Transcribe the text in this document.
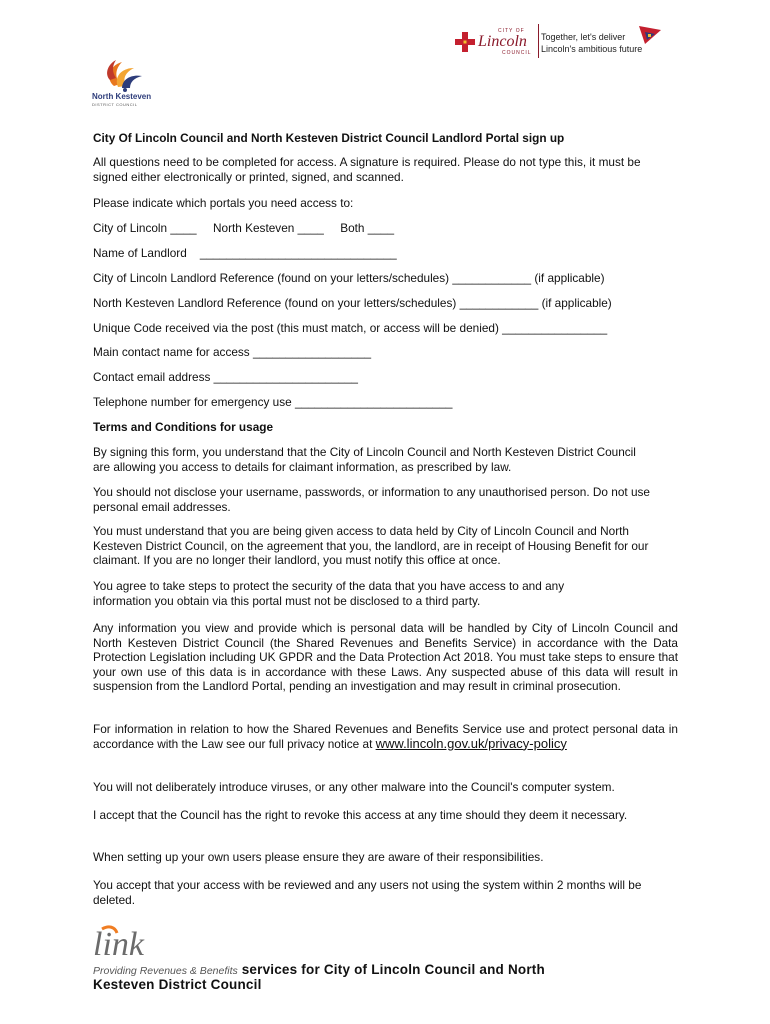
North Kesteven
DISTRICT COUNCIL
CITY OF
Lincoln
COUNCIL
Together, let's deliver
Lincoln's ambitious future

City Of Lincoln Council and North Kesteven District Council Landlord Portal sign up

All questions need to be completed for access. A signature is required. Please do not type this, it must be signed either electronically or printed, signed, and scanned.

Please indicate which portals you need access to:

City of Lincoln ____     North Kesteven ____     Both ____

Name of Landlord    ______________________________

City of Lincoln Landlord Reference (found on your letters/schedules) ____________ (if applicable)

North Kesteven Landlord Reference (found on your letters/schedules) ____________ (if applicable)

Unique Code received via the post (this must match, or access will be denied) ________________

Main contact name for access __________________

Contact email address ______________________

Telephone number for emergency use ________________________

Terms and Conditions for usage

By signing this form, you understand that the City of Lincoln Council and North Kesteven District Council are allowing you access to details for claimant information, as prescribed by law.

You should not disclose your username, passwords, or information to any unauthorised person. Do not use personal email addresses.

You must understand that you are being given access to data held by City of Lincoln Council and North Kesteven District Council, on the agreement that you, the landlord, are in receipt of Housing Benefit for our claimant. If you are no longer their landlord, you must notify this office at once.

You agree to take steps to protect the security of the data that you have access to and any information you obtain via this portal must not be disclosed to a third party.

Any information you view and provide which is personal data will be handled by City of Lincoln Council and North Kesteven District Council (the Shared Revenues and Benefits Service) in accordance with the Data Protection Legislation including UK GPDR and the Data Protection Act 2018. You must take steps to ensure that your own use of this data is in accordance with these Laws. Any suspected abuse of this data will result in suspension from the Landlord Portal, pending an investigation and may result in criminal prosecution.

For information in relation to how the Shared Revenues and Benefits Service use and protect personal data in accordance with the Law see our full privacy notice at www.lincoln.gov.uk/privacy-policy

You will not deliberately introduce viruses, or any other malware into the Council's computer system.

I accept that the Council has the right to revoke this access at any time should they deem it necessary.

When setting up your own users please ensure they are aware of their responsibilities.

You accept that your access with be reviewed and any users not using the system within 2 months will be deleted.

link
Providing Revenues & Benefits services for City of Lincoln Council and North
Kesteven District Council
